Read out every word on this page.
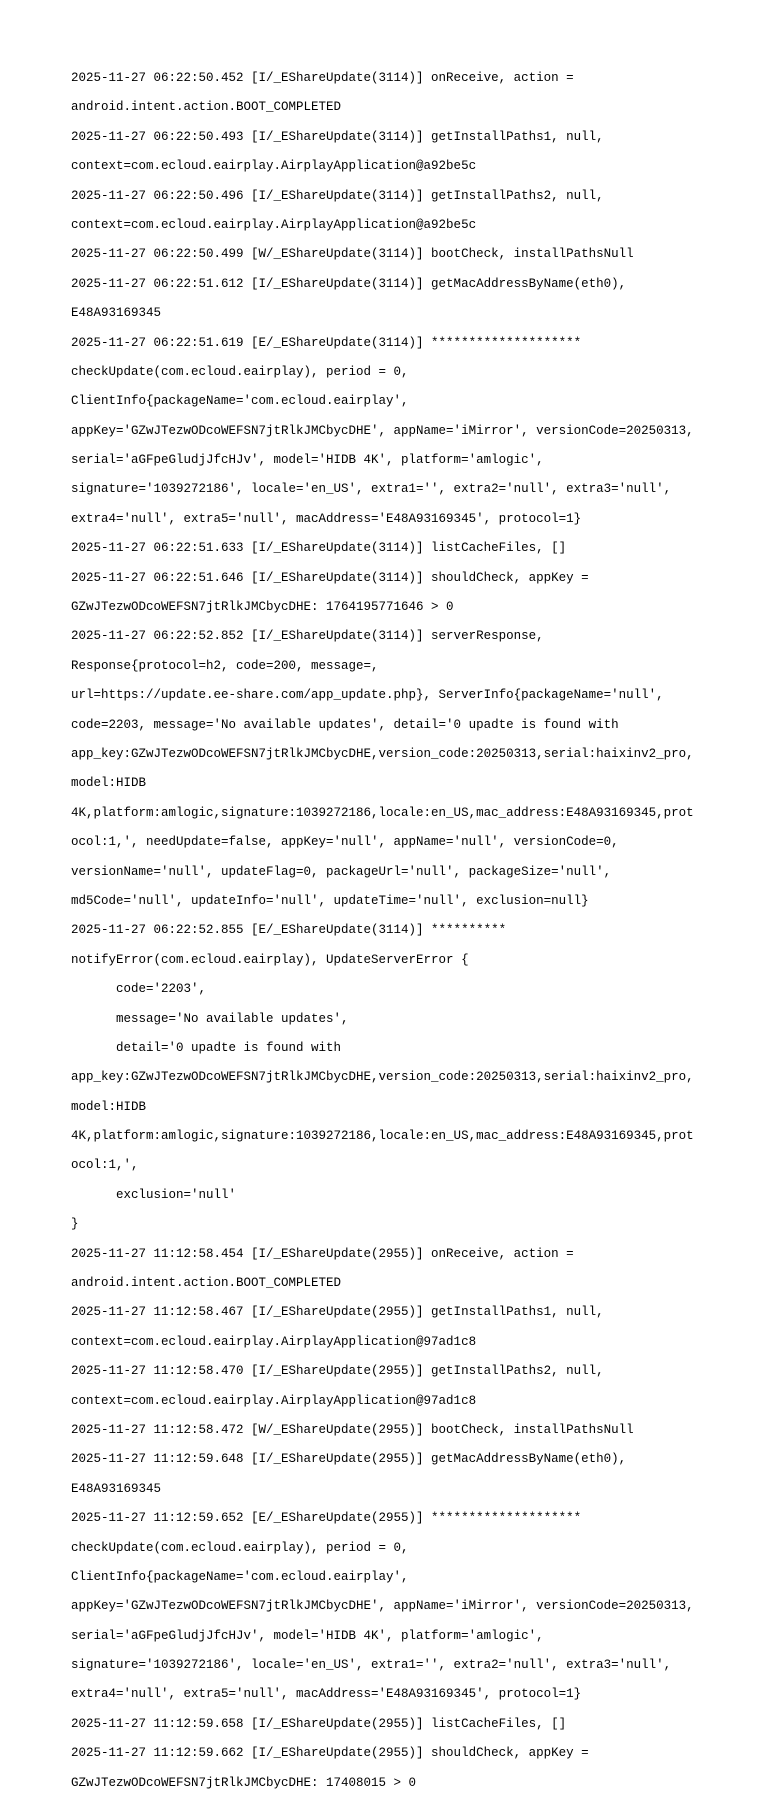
2025-11-27 06:22:50.452 [I/_EShareUpdate(3114)] onReceive, action =

android.intent.action.BOOT_COMPLETED

2025-11-27 06:22:50.493 [I/_EShareUpdate(3114)] getInstallPaths1, null,

context=com.ecloud.eairplay.AirplayApplication@a92be5c

2025-11-27 06:22:50.496 [I/_EShareUpdate(3114)] getInstallPaths2, null,

context=com.ecloud.eairplay.AirplayApplication@a92be5c

2025-11-27 06:22:50.499 [W/_EShareUpdate(3114)] bootCheck, installPathsNull

2025-11-27 06:22:51.612 [I/_EShareUpdate(3114)] getMacAddressByName(eth0),

E48A93169345

2025-11-27 06:22:51.619 [E/_EShareUpdate(3114)] ********************

checkUpdate(com.ecloud.eairplay), period = 0,

ClientInfo{packageName='com.ecloud.eairplay',

appKey='GZwJTezwODcoWEFSN7jtRlkJMCbycDHE', appName='iMirror', versionCode=20250313,

serial='aGFpeGludjJfcHJv', model='HIDB 4K', platform='amlogic',

signature='1039272186', locale='en_US', extra1='', extra2='null', extra3='null',

extra4='null', extra5='null', macAddress='E48A93169345', protocol=1}

2025-11-27 06:22:51.633 [I/_EShareUpdate(3114)] listCacheFiles, []

2025-11-27 06:22:51.646 [I/_EShareUpdate(3114)] shouldCheck, appKey =

GZwJTezwODcoWEFSN7jtRlkJMCbycDHE: 1764195771646 > 0

2025-11-27 06:22:52.852 [I/_EShareUpdate(3114)] serverResponse,

Response{protocol=h2, code=200, message=,

url=https://update.ee-share.com/app_update.php}, ServerInfo{packageName='null',

code=2203, message='No available updates', detail='0 upadte is found with

app_key:GZwJTezwODcoWEFSN7jtRlkJMCbycDHE,version_code:20250313,serial:haixinv2_pro,

model:HIDB

4K,platform:amlogic,signature:1039272186,locale:en_US,mac_address:E48A93169345,prot

ocol:1,', needUpdate=false, appKey='null', appName='null', versionCode=0,

versionName='null', updateFlag=0, packageUrl='null', packageSize='null',

md5Code='null', updateInfo='null', updateTime='null', exclusion=null}

2025-11-27 06:22:52.855 [E/_EShareUpdate(3114)] **********

notifyError(com.ecloud.eairplay), UpdateServerError {

code='2203',

message='No available updates',

detail='0 upadte is found with

app_key:GZwJTezwODcoWEFSN7jtRlkJMCbycDHE,version_code:20250313,serial:haixinv2_pro,

model:HIDB

4K,platform:amlogic,signature:1039272186,locale:en_US,mac_address:E48A93169345,prot

ocol:1,',

exclusion='null'

}

2025-11-27 11:12:58.454 [I/_EShareUpdate(2955)] onReceive, action =

android.intent.action.BOOT_COMPLETED

2025-11-27 11:12:58.467 [I/_EShareUpdate(2955)] getInstallPaths1, null,

context=com.ecloud.eairplay.AirplayApplication@97ad1c8

2025-11-27 11:12:58.470 [I/_EShareUpdate(2955)] getInstallPaths2, null,

context=com.ecloud.eairplay.AirplayApplication@97ad1c8

2025-11-27 11:12:58.472 [W/_EShareUpdate(2955)] bootCheck, installPathsNull

2025-11-27 11:12:59.648 [I/_EShareUpdate(2955)] getMacAddressByName(eth0),

E48A93169345

2025-11-27 11:12:59.652 [E/_EShareUpdate(2955)] ********************

checkUpdate(com.ecloud.eairplay), period = 0,

ClientInfo{packageName='com.ecloud.eairplay',

appKey='GZwJTezwODcoWEFSN7jtRlkJMCbycDHE', appName='iMirror', versionCode=20250313,

serial='aGFpeGludjJfcHJv', model='HIDB 4K', platform='amlogic',

signature='1039272186', locale='en_US', extra1='', extra2='null', extra3='null',

extra4='null', extra5='null', macAddress='E48A93169345', protocol=1}

2025-11-27 11:12:59.658 [I/_EShareUpdate(2955)] listCacheFiles, []

2025-11-27 11:12:59.662 [I/_EShareUpdate(2955)] shouldCheck, appKey =

GZwJTezwODcoWEFSN7jtRlkJMCbycDHE: 17408015 > 0
